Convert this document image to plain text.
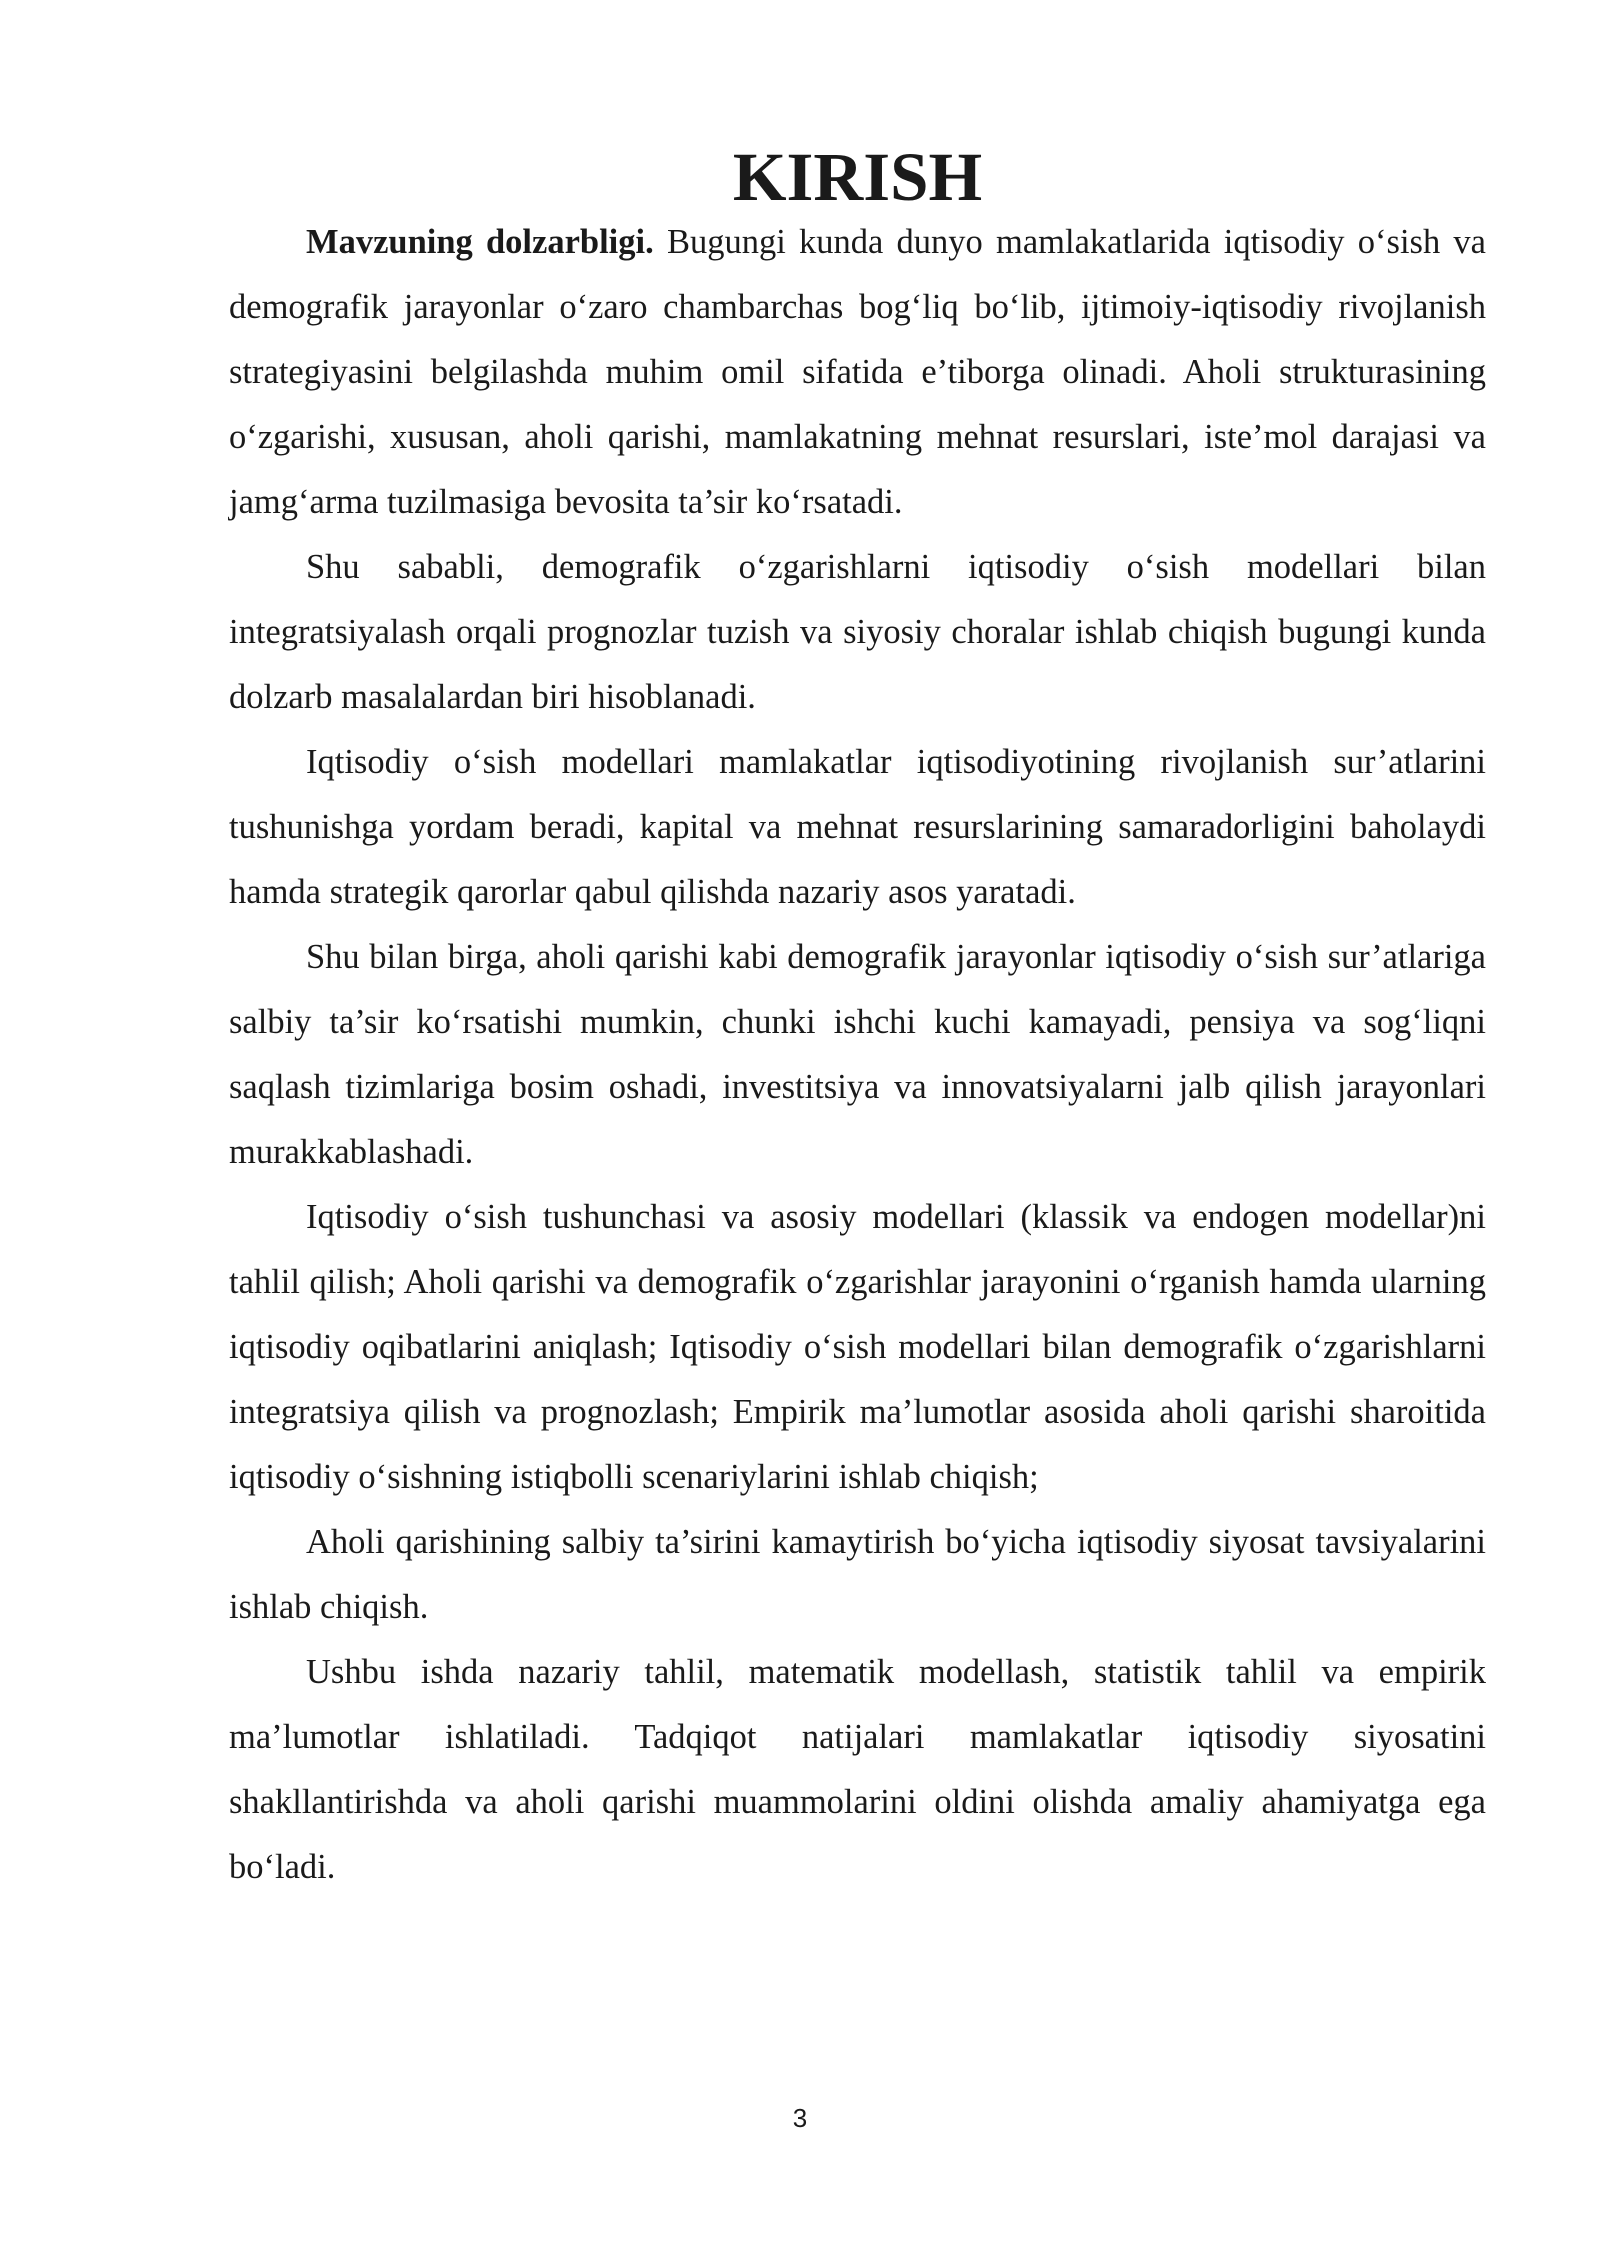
KIRISH

Mavzuning dolzarbligi. Bugungi kunda dunyo mamlakatlarida iqtisodiy o‘sish va demografik jarayonlar o‘zaro chambarchas bog‘liq bo‘lib, ijtimoiy-iqtisodiy rivojlanish strategiyasini belgilashda muhim omil sifatida e’tiborga olinadi. Aholi strukturasining o‘zgarishi, xususan, aholi qarishi, mamlakatning mehnat resurslari, iste’mol darajasi va jamg‘arma tuzilmasiga bevosita ta’sir ko‘rsatadi.

Shu sababli, demografik o‘zgarishlarni iqtisodiy o‘sish modellari bilan integratsiyalash orqali prognozlar tuzish va siyosiy choralar ishlab chiqish bugungi kunda dolzarb masalalardan biri hisoblanadi.

Iqtisodiy o‘sish modellari mamlakatlar iqtisodiyotining rivojlanish sur’atlarini tushunishga yordam beradi, kapital va mehnat resurslarining samaradorligini baholaydi hamda strategik qarorlar qabul qilishda nazariy asos yaratadi.

Shu bilan birga, aholi qarishi kabi demografik jarayonlar iqtisodiy o‘sish sur’atlariga salbiy ta’sir ko‘rsatishi mumkin, chunki ishchi kuchi kamayadi, pensiya va sog‘liqni saqlash tizimlariga bosim oshadi, investitsiya va innovatsiyalarni jalb qilish jarayonlari murakkablashadi.

Iqtisodiy o‘sish tushunchasi va asosiy modellari (klassik va endogen modellar)ni tahlil qilish; Aholi qarishi va demografik o‘zgarishlar jarayonini o‘rganish hamda ularning iqtisodiy oqibatlarini aniqlash; Iqtisodiy o‘sish modellari bilan demografik o‘zgarishlarni integratsiya qilish va prognozlash; Empirik ma’lumotlar asosida aholi qarishi sharoitida iqtisodiy o‘sishning istiqbolli scenariylarini ishlab chiqish;

Aholi qarishining salbiy ta’sirini kamaytirish bo‘yicha iqtisodiy siyosat tavsiyalarini ishlab chiqish.

Ushbu ishda nazariy tahlil, matematik modellash, statistik tahlil va empirik ma’lumotlar ishlatiladi. Tadqiqot natijalari mamlakatlar iqtisodiy siyosatini shakllantirishda va aholi qarishi muammolarini oldini olishda amaliy ahamiyatga ega bo‘ladi.

3
